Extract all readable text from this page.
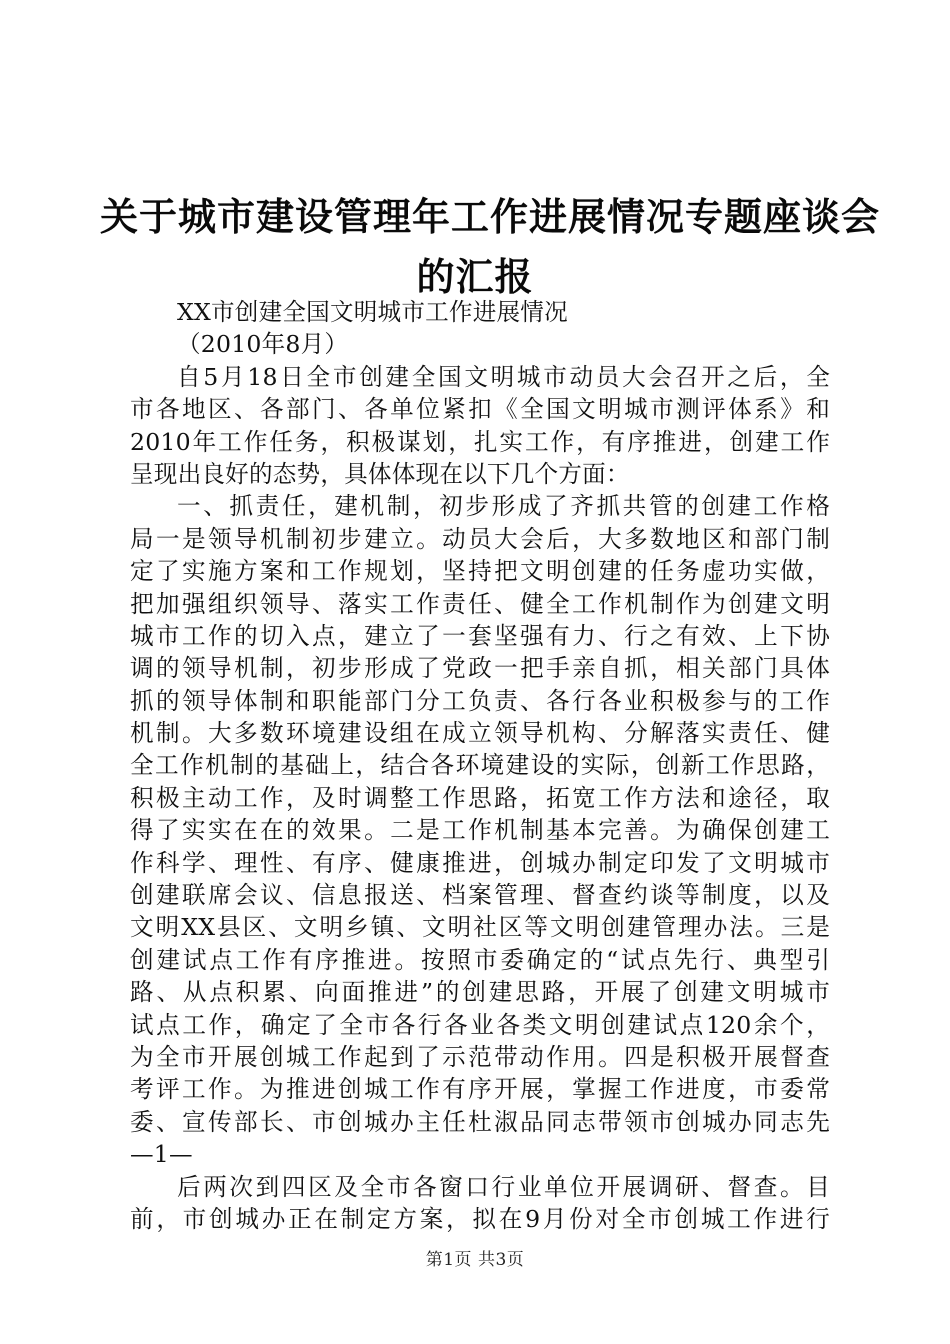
关于城市建设管理年工作进展情况专题座谈会
的汇报
XX市创建全国文明城市工作进展情况
（2010年8月）
自5月18日全市创建全国文明城市动员大会召开之后，全
市各地区、各部门、各单位紧扣《全国文明城市测评体系》和
2010年工作任务，积极谋划，扎实工作，有序推进，创建工作
呈现出良好的态势，具体体现在以下几个方面：
一、抓责任，建机制，初步形成了齐抓共管的创建工作格
局一是领导机制初步建立。动员大会后，大多数地区和部门制
定了实施方案和工作规划，坚持把文明创建的任务虚功实做，
把加强组织领导、落实工作责任、健全工作机制作为创建文明
城市工作的切入点，建立了一套坚强有力、行之有效、上下协
调的领导机制，初步形成了党政一把手亲自抓，相关部门具体
抓的领导体制和职能部门分工负责、各行各业积极参与的工作
机制。大多数环境建设组在成立领导机构、分解落实责任、健
全工作机制的基础上，结合各环境建设的实际，创新工作思路，
积极主动工作，及时调整工作思路，拓宽工作方法和途径，取
得了实实在在的效果。二是工作机制基本完善。为确保创建工
作科学、理性、有序、健康推进，创城办制定印发了文明城市
创建联席会议、信息报送、档案管理、督查约谈等制度，以及
文明XX县区、文明乡镇、文明社区等文明创建管理办法。三是
创建试点工作有序推进。按照市委确定的“试点先行、典型引
路、从点积累、向面推进”的创建思路，开展了创建文明城市
试点工作，确定了全市各行各业各类文明创建试点120余个，
为全市开展创城工作起到了示范带动作用。四是积极开展督查
考评工作。为推进创城工作有序开展，掌握工作进度，市委常
委、宣传部长、市创城办主任杜淑品同志带领市创城办同志先
—1—
后两次到四区及全市各窗口行业单位开展调研、督查。目
前，市创城办正在制定方案，拟在9月份对全市创城工作进行
第1页 共3页
